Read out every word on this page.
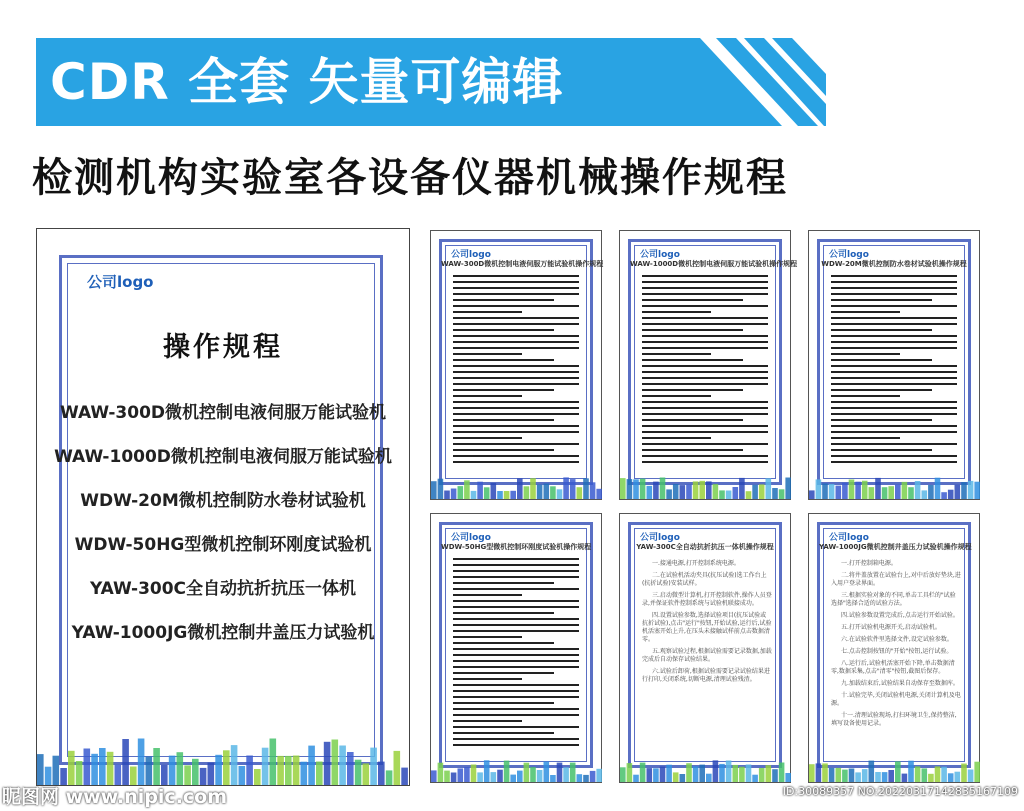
CDR 全套 矢量可编辑
检测机构实验室各设备仪器机械操作规程
公司logo
操作规程
WAW-300D微机控制电液伺服万能试验机
WAW-1000D微机控制电液伺服万能试验机
WDW-20M微机控制防水卷材试验机
WDW-50HG型微机控制环刚度试验机
YAW-300C全自动抗折抗压一体机
YAW-1000JG微机控制井盖压力试验机
公司logo
WAW-300D微机控制电液伺服万能试验机操作规程
公司logo
WAW-1000D微机控制电液伺服万能试验机操作规程
公司logo
WDW-20M微机控制防水卷材试验机操作规程
公司logo
WDW-50HG型微机控制环刚度试验机操作规程
公司logo
YAW-300C全自动抗折抗压一体机操作规程

一.接通电源,打开控制系统电源。

二.在试验机活动夹具(抗压试验)选工作台上(抗折试验)安装试样。

三.启动微型计算机,打开控制软件,操作人员登录,并保证软件控制系统与试验机联接成功。

四.设置试验参数,选择试验项目(抗压试验或抗折试验),点击"运行"按钮,开始试验,运行后,试验机活塞开始上升,在压头未接触试样前点击数据清零。

五.观察试验过程,根据试验需要记录数据,加载完成后自动保存试验结果。

六.试验后卸荷,根据试验需要记录试验结果进行打印,关闭系统,切断电源,清理试验残渣。

公司logo
YAW-1000JG微机控制井盖压力试验机操作规程

一.打开控制箱电源。

二.将井盖放置在试验台上,对中后放好垫块,进入用户登录界面。

三.根据实验对象的不同,单击工具栏的"试验选择"选择合适的试验方法。

四.试验参数设置完成后,点击运行开始试验。

五.打开试验机电源开关,启动试验机。

六.在试验软件里选择文件,设定试验参数。

七.点击控制按钮的"开始"按钮,运行试验。

八.运行后,试验机活塞开始下降,单击数据清零,数据采集,点击"清零"按钮,截图后保存。

九.加载结束后,试验结果自动保存至数据库。

十.试验完毕,关闭试验机电源,关闭计算机及电源。

十一.清理试验现场,打扫环境卫生,保持整洁,填写设备使用记录。

昵图网 www.nipic.com	ID:30089357 NO:20220317142835167109
